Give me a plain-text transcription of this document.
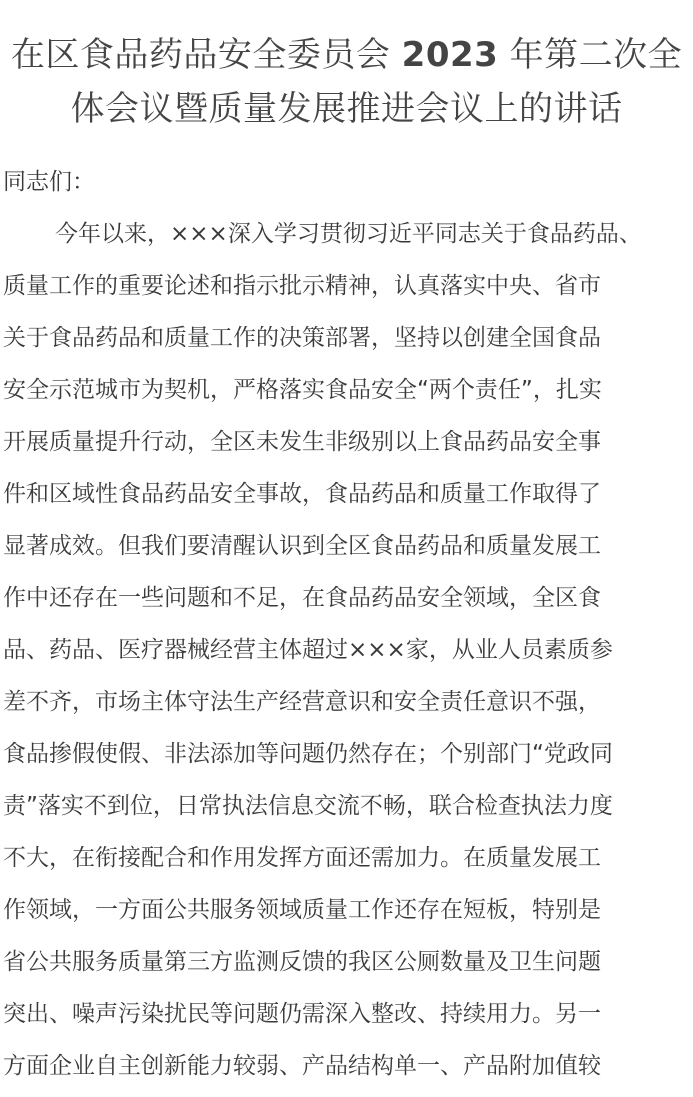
在区食品药品安全委员会 2023 年第二次全
体会议暨质量发展推进会议上的讲话
同志们：
今年以来，×××深入学习贯彻习近平同志关于食品药品、
质量工作的重要论述和指示批示精神，认真落实中央、省市
关于食品药品和质量工作的决策部署，坚持以创建全国食品
安全示范城市为契机，严格落实食品安全“两个责任”，扎实
开展质量提升行动，全区未发生非级别以上食品药品安全事
件和区域性食品药品安全事故，食品药品和质量工作取得了
显著成效。但我们要清醒认识到全区食品药品和质量发展工
作中还存在一些问题和不足，在食品药品安全领域，全区食
品、药品、医疗器械经营主体超过×××家，从业人员素质参
差不齐，市场主体守法生产经营意识和安全责任意识不强，
食品掺假使假、非法添加等问题仍然存在；个别部门“党政同
责”落实不到位，日常执法信息交流不畅，联合检查执法力度
不大，在衔接配合和作用发挥方面还需加力。在质量发展工
作领域，一方面公共服务领域质量工作还存在短板，特别是
省公共服务质量第三方监测反馈的我区公厕数量及卫生问题
突出、噪声污染扰民等问题仍需深入整改、持续用力。另一
方面企业自主创新能力较弱、产品结构单一、产品附加值较
